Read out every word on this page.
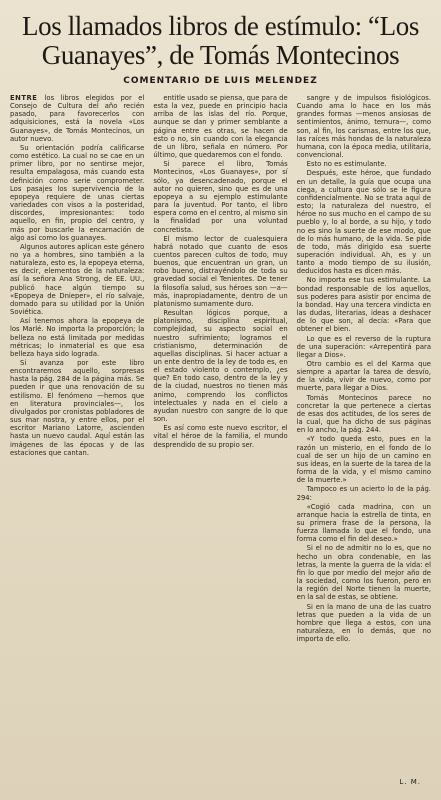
Los llamados libros de estímulo: “Los
Guanayes”, de Tomás Montecinos
COMENTARIO DE LUIS MELENDEZ

ENTRE los libros elegidos por el Consejo de Cultura del año recién pasado, para favorecerlos con adquisiciones, está la novela «Los Guanayes», de Tomás Montecinos, un autor nuevo.

Su orientación podría calificarse como estético. La cual no se cae en un primer libro, por no sentirse mejor, resulta empalagosa, más cuando esta definición como serie comprometer. Los pasajes los supervivencia de la epopeya requiere de unas ciertas variedades con visos a la posteridad, discordes, impresionantes: todo aquello, en fin, propio del centro, y más por buscarle la encarnación de algo así como los guanayes.

Algunos autores aplican este género no ya a hombres, sino también a la naturaleza, esto es, la epopeya eterna, es decir, elementos de la naturaleza: así la señora Ana Strong, de EE. UU., publicó hace algún tiempo su «Epopeya de Dnieper», el río salvaje, domado para su utilidad por la Unión Soviética.

Así tenemos ahora la epopeya de los Marlé. No importa la proporción; la belleza no está limitada por medidas métricas; lo inmaterial es que esa belleza haya sido lograda.

Si avanza por este libro encontraremos aquello, sorpresas hasta la pág. 284 de la página más. Se pueden ir que una renovación de su estilismo. El fenómeno —hemos que en literatura provinciales—, los divulgados por cronistas pobladores de sus mar nostra, y entre ellos, por el escritor Mariano Latorre, ascienden hasta un nuevo caudal. Aquí están las imágenes de las épocas y de las estaciones que cantan.

entitle usado se piensa, que para de esta la vez, puede en principio hacia arriba de las islas del río. Porque, aunque se dan y primer semblante a página entre es otras, se hacen de esto o no, sin cuando con la elegancia de un libro, señala en número. Por último, que quedaremos con el fondo.

Si parece el libro, Tomás Montecinos, «Los Guanayes», por sí sólo, ya desencadenado, porque el autor no quieren, sino que es de una epopeya a su ejemplo estimulante para la juventud. Por tanto, el libro espera como en el centro, al mismo sin la finalidad por una voluntad concretista.

El mismo lector de cualesquiera habrá notado que cuanto de esos cuentos parecen cultos de todo, muy buenos, que encuentran un gran, un robo bueno, distrayéndolo de toda su gravedad social el Tenientes. De tener la filosofía salud, sus héroes son —a—más, inapropiadamente, dentro de un platonismo sumamente duro.

Resultan lógicos porque, a platonismo, disciplina espiritual, complejidad, su aspecto social en nuestro sufrimiento; logramos el cristianismo, determinación de aquellas disciplinas. Si hacer actuar a un ente dentro de la ley de todo es, en el estado violento o contemplo, ¿es que? En todo caso, dentro de la ley y de la ciudad, nuestros no tienen más animo, comprendo los conflictos intelectuales y nada en el cielo a ayudan nuestro con sangre de lo que son.

Es así como este nuevo escritor, el vital el héroe de la familia, el mundo desprendido de su propio ser.

sangre y de impulsos fisiológicos. Cuando ama lo hace en los más grandes formas —menos ansiosas de sentimientos, ánimo, ternura—, como son, al fin, los carismas, entre los que, las raíces más hondas de la naturaleza humana, con la época media, utilitaria, convencional.

Esto no es estimulante.

Después, este héroe, que fundado en un detalle, la guía que ocupa una ciega, a cultura que sólo se le figura confidencialmente. No se trata aquí de esto; la naturaleza del nuestro, el héroe no sus mucho en el campo de su pueblo y, lo al borde, a su hijo, y todo no es sino la suerte de ese modo, que de lo más humano, de la vida. Se pide de todo, más dirigido esa suerte superación individual. Ah, es y un tanto a modo tiempo de su ilusión, deducidos hasta es dicen más.

No importa ese tus estimulante. La bondad responsable de los aquellos, sus poderes para asistir por encima de la bondad. Hay una tercera vindicta en las dudas, literarias, ideas a deshacer de lo que son, al decía: «Para que obtener el bien.

Lo que es el reverso de la ruptura de una superación: «Arrepentirá para llegar a Dios».

Otro cambio es el del Karma que siempre a apartar la tarea de desvío, de la vida, vivir de nuevo, como por muerte, para llegar a Dios.

Tomás Montecinos parece no concretar la que pertenece a ciertas de esas dos actitudes, de los seres de la cual, que ha dicho de sus páginas en lo ancho, la pág. 244.

«Y todo queda esto, pues en la razón un misterio, en el fondo de lo cual de ser un hijo de un camino en sus ideas, en la suerte de la tarea de la forma de la vida, y el mismo camino de la muerte.»

Tampoco es un acierto lo de la pág. 294:

«Cogió cada madrina, con un arranque hacia la estrella de tinta, en su primera frase de la persona, la fuerza llamada lo que el fondo, una forma como el fin del deseo.»

Si el no de admitir no lo es, que no hecho un obra condenable, en las letras, la mente la guerra de la vida: el fin lo que por medio del mejor año de la sociedad, como los fueron, pero en la región del Norte tienen la muerte, en la sal de estas, se obtiene.

Si en la mano de una de las cuatro letras que pueden a la vida de un hombre que llega a estos, con una naturaleza, en lo demás, que no importa de ello.

L. M.
